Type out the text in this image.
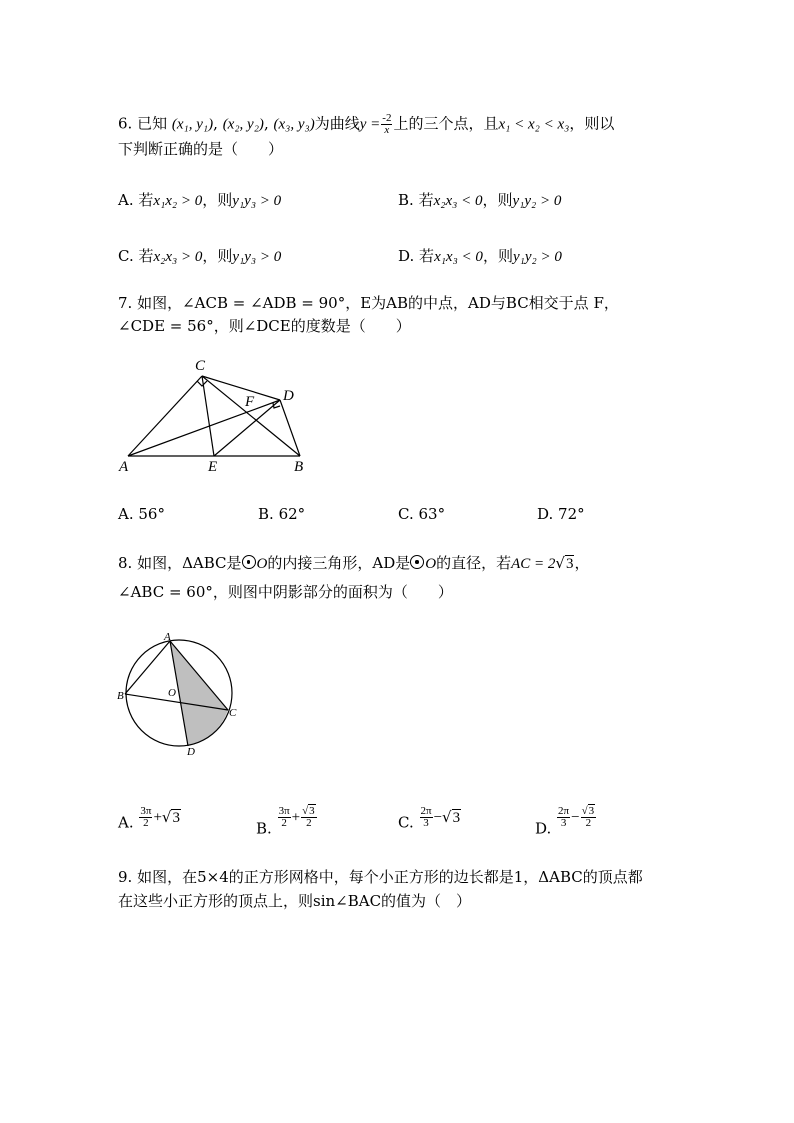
6. 已知 (x₁, y₁), (x₂, y₂), (x₃, y₃)为曲线$y = \frac{-2}{x}$ 上的三个点，且x₁ < x₂ < x₃，则以
下判断正确的是（　　）
A. 若x₁x₂ > 0，则y₁y₃ > 0	B. 若x₂x₃ < 0，则y₁y₂ > 0
C. 若x₂x₃ > 0，则y₁y₃ > 0	D. 若x₁x₃ < 0，则y₁y₂ > 0
7. 如图，∠ACB = ∠ADB = 90°，E为AB的中点，AD与BC相交于点 F，
∠CDE = 56°，则∠DCE的度数是（　　）
A	B
C
D
E
F
A. 56°	B. 62°	C. 63°	D. 72°
8. 如图，ΔABC是 O的内接三角形，AD是 O的直径，若AC = 2√3，
∠ABC = 60°，则图中阴影部分的面积为（　　）
A
B
C
D
O
A. $\frac{3\pi}{2} +√3$
B. $\frac{3\pi}{2} + \frac{√3}{2}$	C. $\frac{2\pi}{3} -√3$
D. $\frac{2\pi}{3} - \frac{√3}{2}$
9. 如图，在5×4的正方形网格中，每个小正方形的边长都是1，ΔABC的顶点都
在这些小正方形的顶点上，则sin∠BAC的值为（　）
